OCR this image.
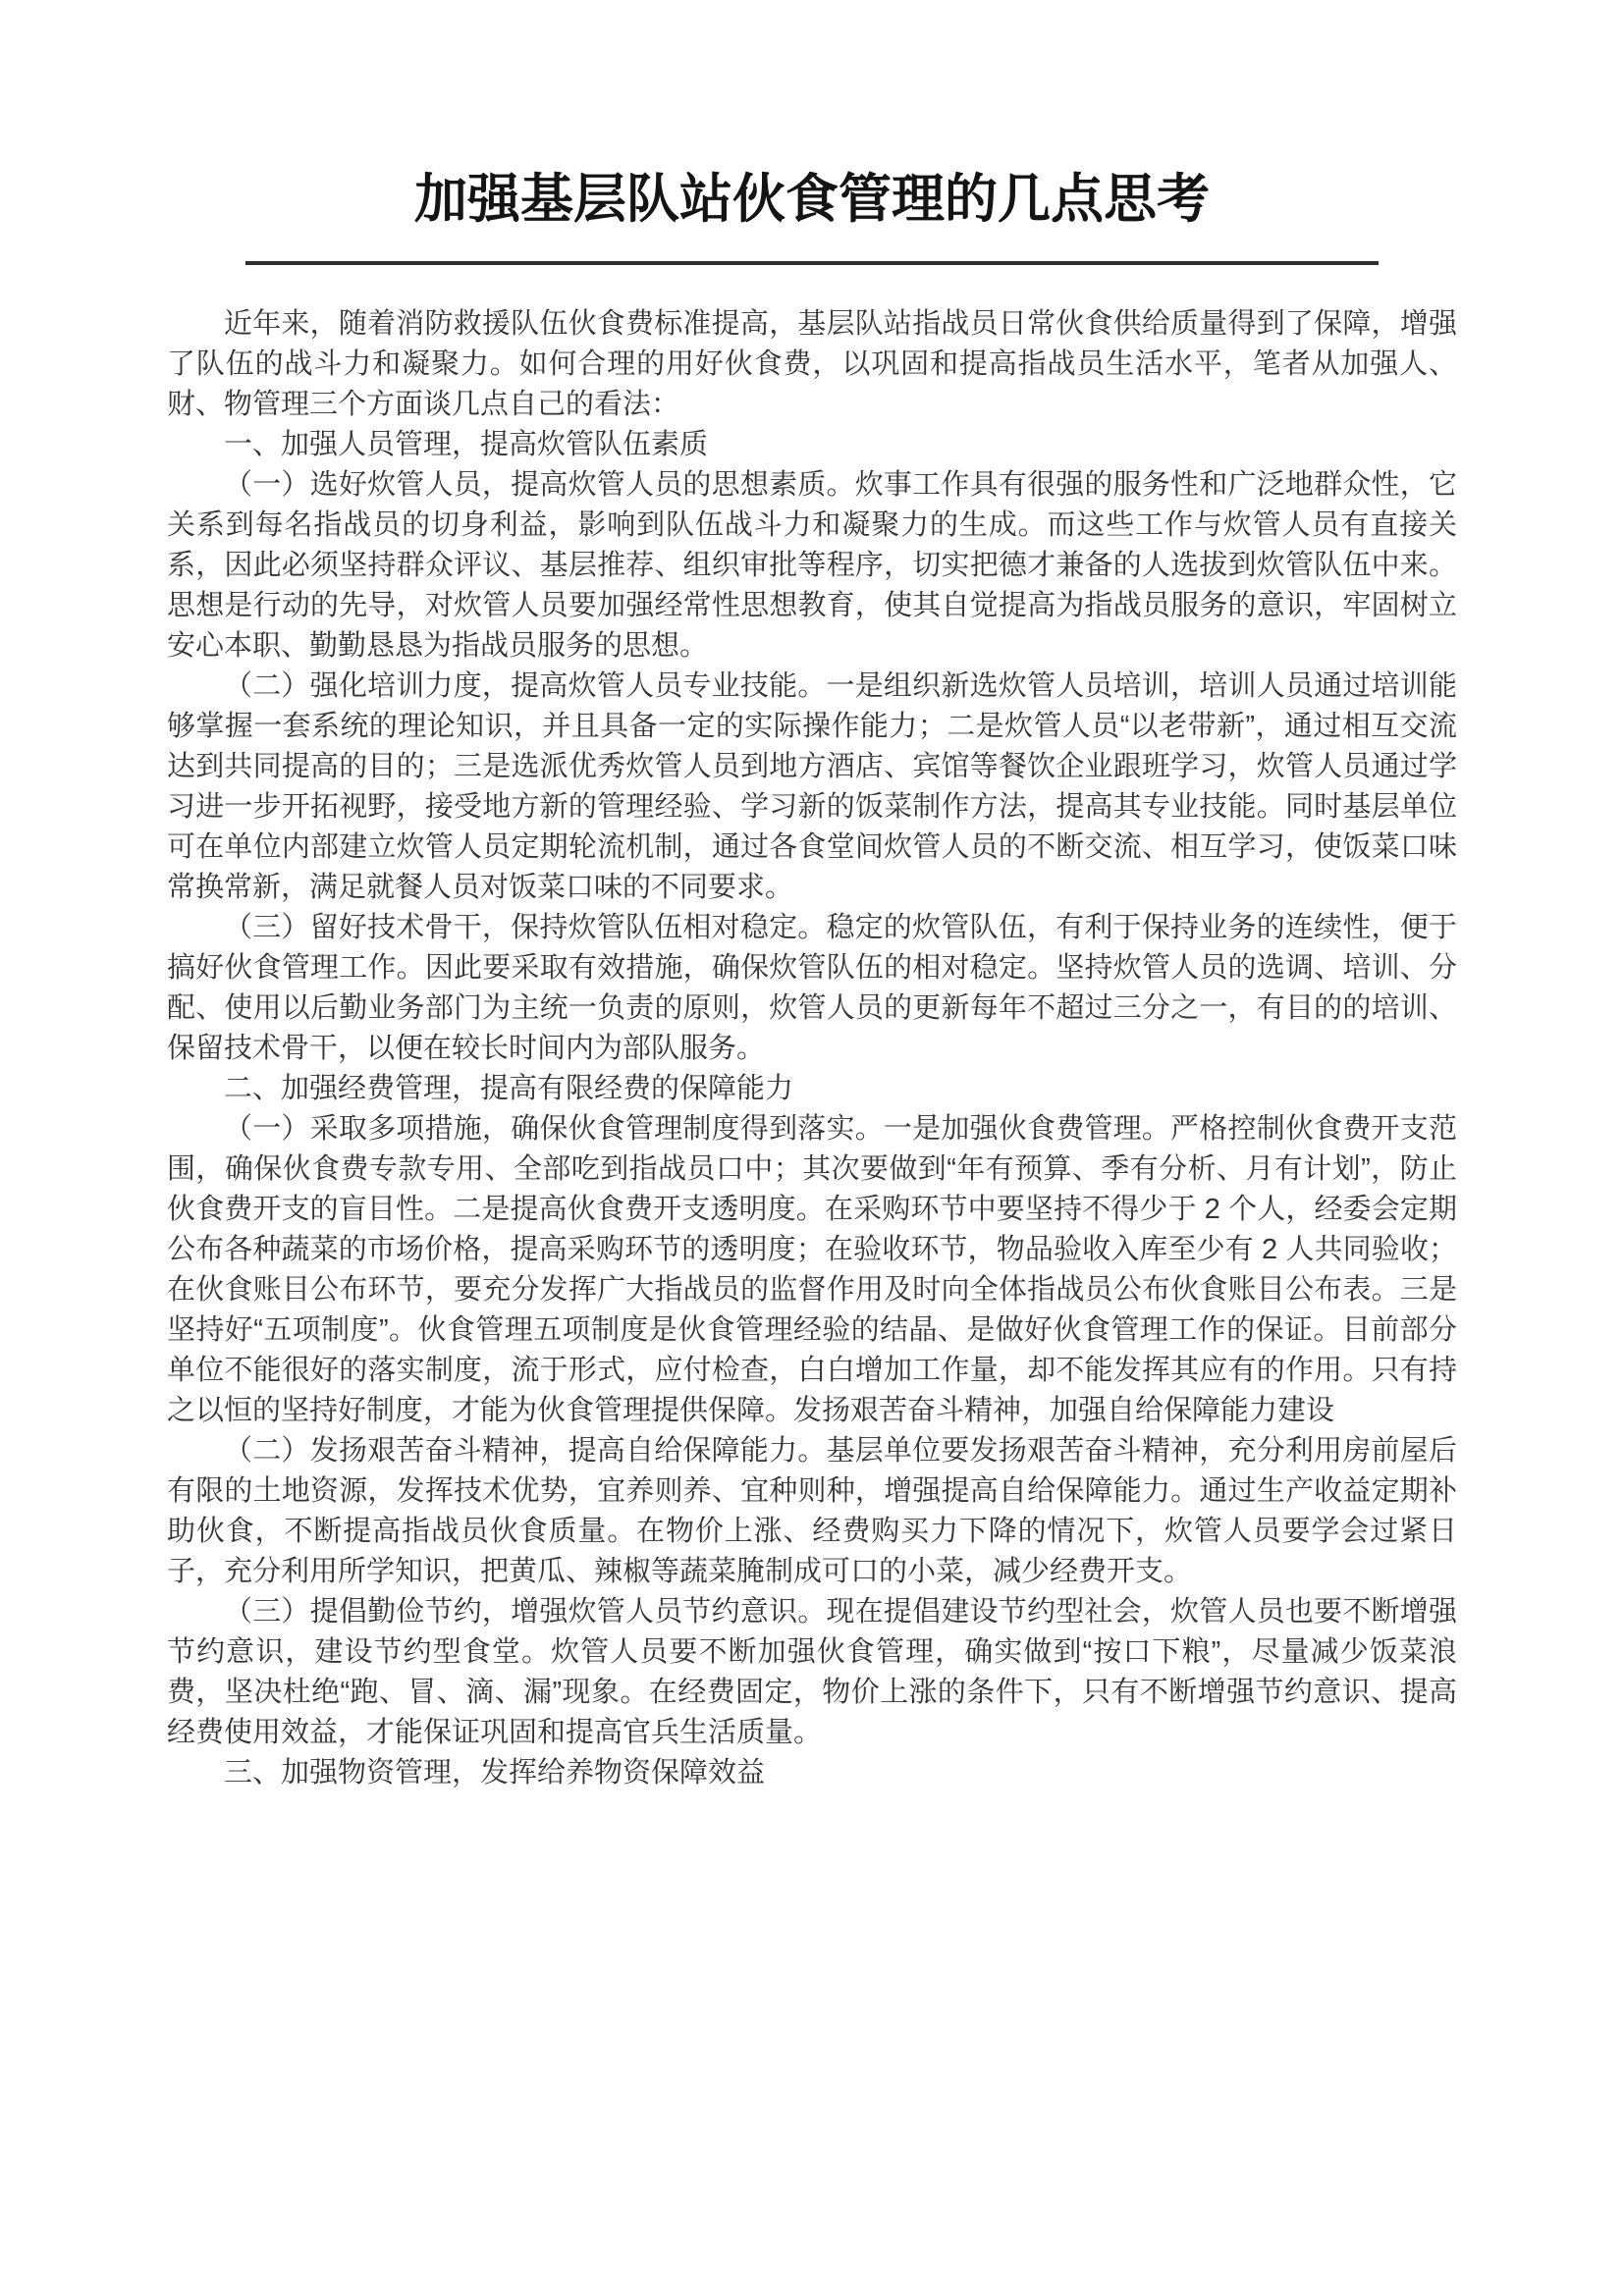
加强基层队站伙食管理的几点思考

近年来，随着消防救援队伍伙食费标准提高，基层队站指战员日常伙食供给质量得到了保障，增强了队伍的战斗力和凝聚力。如何合理的用好伙食费，以巩固和提高指战员生活水平，笔者从加强人、财、物管理三个方面谈几点自己的看法：

一、加强人员管理，提高炊管队伍素质

（一）选好炊管人员，提高炊管人员的思想素质。炊事工作具有很强的服务性和广泛地群众性，它关系到每名指战员的切身利益，影响到队伍战斗力和凝聚力的生成。而这些工作与炊管人员有直接关系，因此必须坚持群众评议、基层推荐、组织审批等程序，切实把德才兼备的人选拔到炊管队伍中来。思想是行动的先导，对炊管人员要加强经常性思想教育，使其自觉提高为指战员服务的意识，牢固树立安心本职、勤勤恳恳为指战员服务的思想。

（二）强化培训力度，提高炊管人员专业技能。一是组织新选炊管人员培训，培训人员通过培训能够掌握一套系统的理论知识，并且具备一定的实际操作能力；二是炊管人员“以老带新”，通过相互交流达到共同提高的目的；三是选派优秀炊管人员到地方酒店、宾馆等餐饮企业跟班学习，炊管人员通过学习进一步开拓视野，接受地方新的管理经验、学习新的饭菜制作方法，提高其专业技能。同时基层单位可在单位内部建立炊管人员定期轮流机制，通过各食堂间炊管人员的不断交流、相互学习，使饭菜口味常换常新，满足就餐人员对饭菜口味的不同要求。

（三）留好技术骨干，保持炊管队伍相对稳定。稳定的炊管队伍，有利于保持业务的连续性，便于搞好伙食管理工作。因此要采取有效措施，确保炊管队伍的相对稳定。坚持炊管人员的选调、培训、分配、使用以后勤业务部门为主统一负责的原则，炊管人员的更新每年不超过三分之一，有目的的培训、保留技术骨干，以便在较长时间内为部队服务。

二、加强经费管理，提高有限经费的保障能力

（一）采取多项措施，确保伙食管理制度得到落实。一是加强伙食费管理。严格控制伙食费开支范围，确保伙食费专款专用、全部吃到指战员口中；其次要做到“年有预算、季有分析、月有计划”，防止伙食费开支的盲目性。二是提高伙食费开支透明度。在采购环节中要坚持不得少于 2 个人，经委会定期公布各种蔬菜的市场价格，提高采购环节的透明度；在验收环节，物品验收入库至少有 2 人共同验收；在伙食账目公布环节，要充分发挥广大指战员的监督作用及时向全体指战员公布伙食账目公布表。三是坚持好“五项制度”。伙食管理五项制度是伙食管理经验的结晶、是做好伙食管理工作的保证。目前部分单位不能很好的落实制度，流于形式，应付检查，白白增加工作量，却不能发挥其应有的作用。只有持之以恒的坚持好制度，才能为伙食管理提供保障。发扬艰苦奋斗精神，加强自给保障能力建设

（二）发扬艰苦奋斗精神，提高自给保障能力。基层单位要发扬艰苦奋斗精神，充分利用房前屋后有限的土地资源，发挥技术优势，宜养则养、宜种则种，增强提高自给保障能力。通过生产收益定期补助伙食，不断提高指战员伙食质量。在物价上涨、经费购买力下降的情况下，炊管人员要学会过紧日子，充分利用所学知识，把黄瓜、辣椒等蔬菜腌制成可口的小菜，减少经费开支。

（三）提倡勤俭节约，增强炊管人员节约意识。现在提倡建设节约型社会，炊管人员也要不断增强节约意识，建设节约型食堂。炊管人员要不断加强伙食管理，确实做到“按口下粮”，尽量减少饭菜浪费，坚决杜绝“跑、冒、滴、漏”现象。在经费固定，物价上涨的条件下，只有不断增强节约意识、提高经费使用效益，才能保证巩固和提高官兵生活质量。

三、加强物资管理，发挥给养物资保障效益
